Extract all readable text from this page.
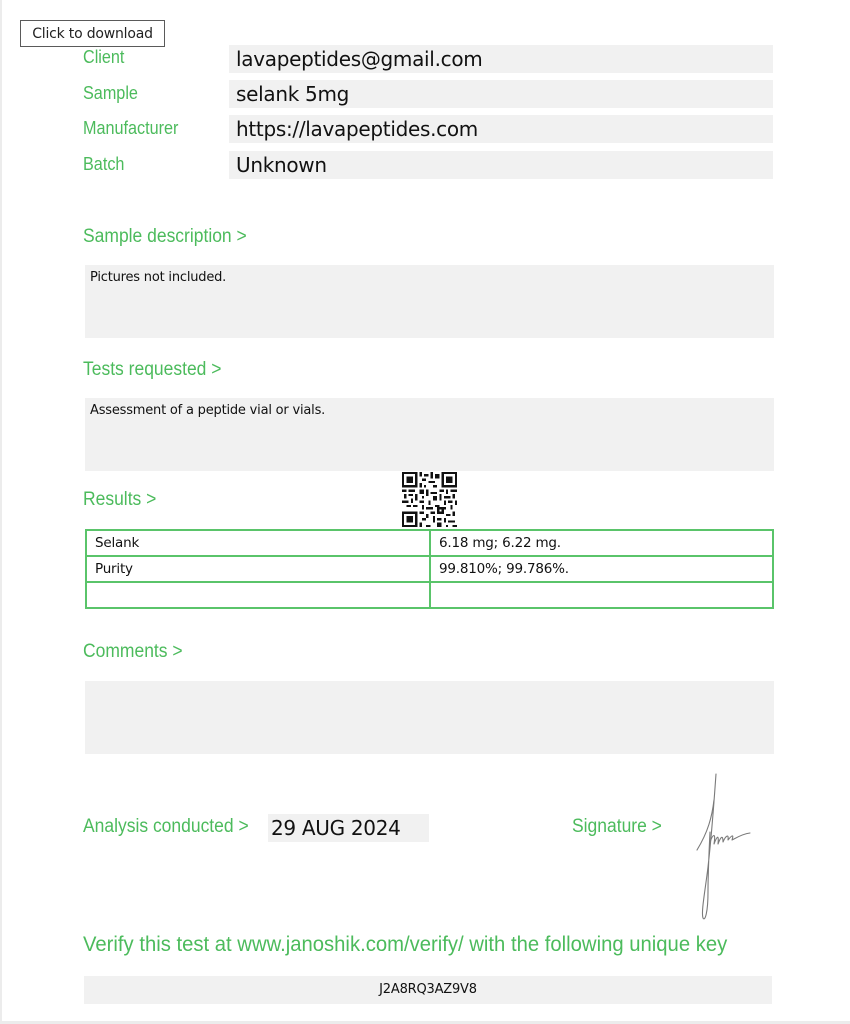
Click to download
Client	lavapeptides@gmail.com
Sample	selank 5mg
Manufacturer	https://lavapeptides.com
Batch	Unknown
Sample description >
Pictures not included.
Tests requested >
Assessment of a peptide vial or vials.
Results >
Selank	6.18 mg; 6.22 mg.
Purity	99.810%; 99.786%.

Comments >
Analysis conducted > 29 AUG 2024	Signature >
Verify this test at www.janoshik.com/verify/ with the following unique key
J2A8RQ3AZ9V8
